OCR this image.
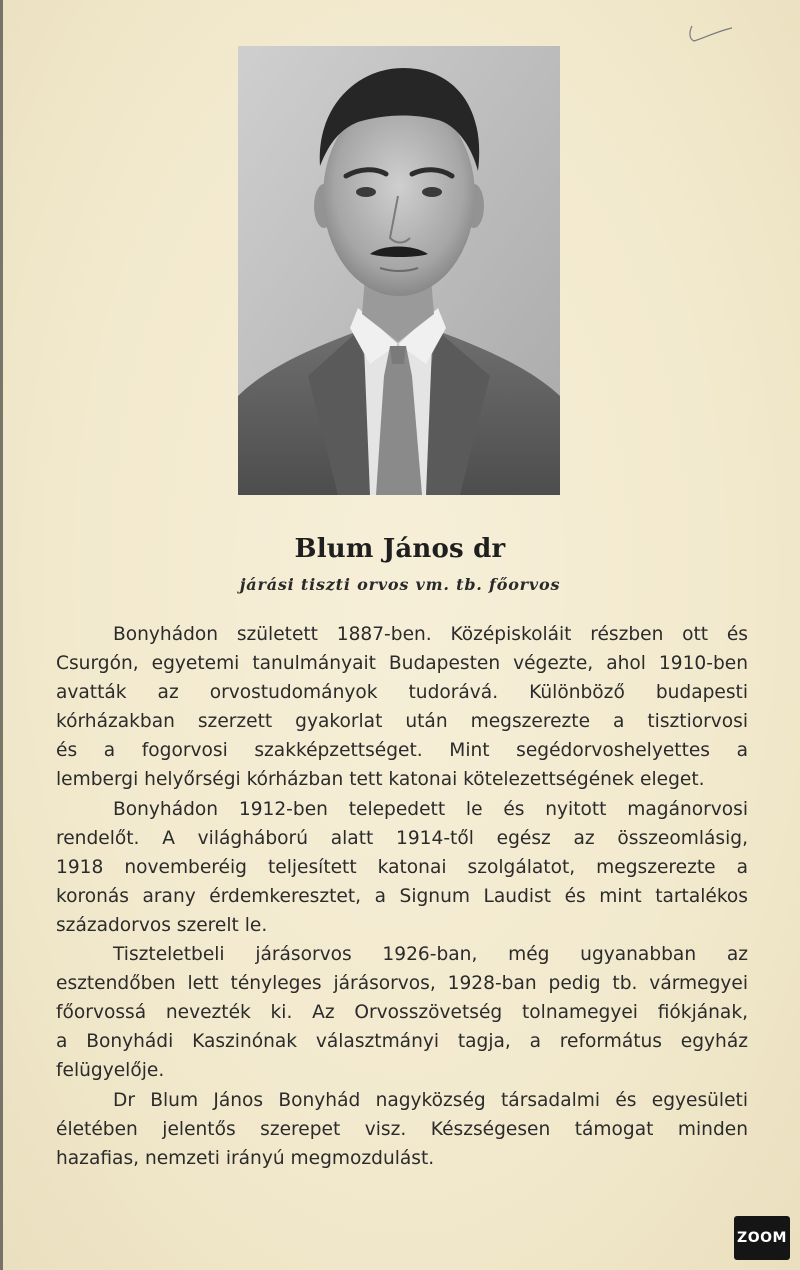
Blum János dr
járási tiszti orvos vm. tb. főorvos
Bonyhádon született 1887-ben. Középiskoláit részben ott és
Csurgón, egyetemi tanulmányait Budapesten végezte, ahol 1910-ben
avatták az orvostudományok tudorává. Különböző budapesti
kórházakban szerzett gyakorlat után megszerezte a tisztiorvosi
és a fogorvosi szakképzettséget. Mint segédorvoshelyettes a
lembergi helyőrségi kórházban tett katonai kötelezettségének eleget.
Bonyhádon 1912-ben telepedett le és nyitott magánorvosi
rendelőt. A világháború alatt 1914-től egész az összeomlásig,
1918 novemberéig teljesített katonai szolgálatot, megszerezte a
koronás arany érdemkeresztet, a Signum Laudist és mint tartalékos
századorvos szerelt le.
Tiszteletbeli járásorvos 1926-ban, még ugyanabban az
esztendőben lett tényleges járásorvos, 1928-ban pedig tb. vármegyei
főorvossá nevezték ki. Az Orvosszövetség tolnamegyei fiókjának,
a Bonyhádi Kaszinónak választmányi tagja, a református egyház
felügyelője.
Dr Blum János Bonyhád nagyközség társadalmi és egyesületi
életében jelentős szerepet visz. Készségesen támogat minden
hazafias, nemzeti irányú megmozdulást.
ZOOM
